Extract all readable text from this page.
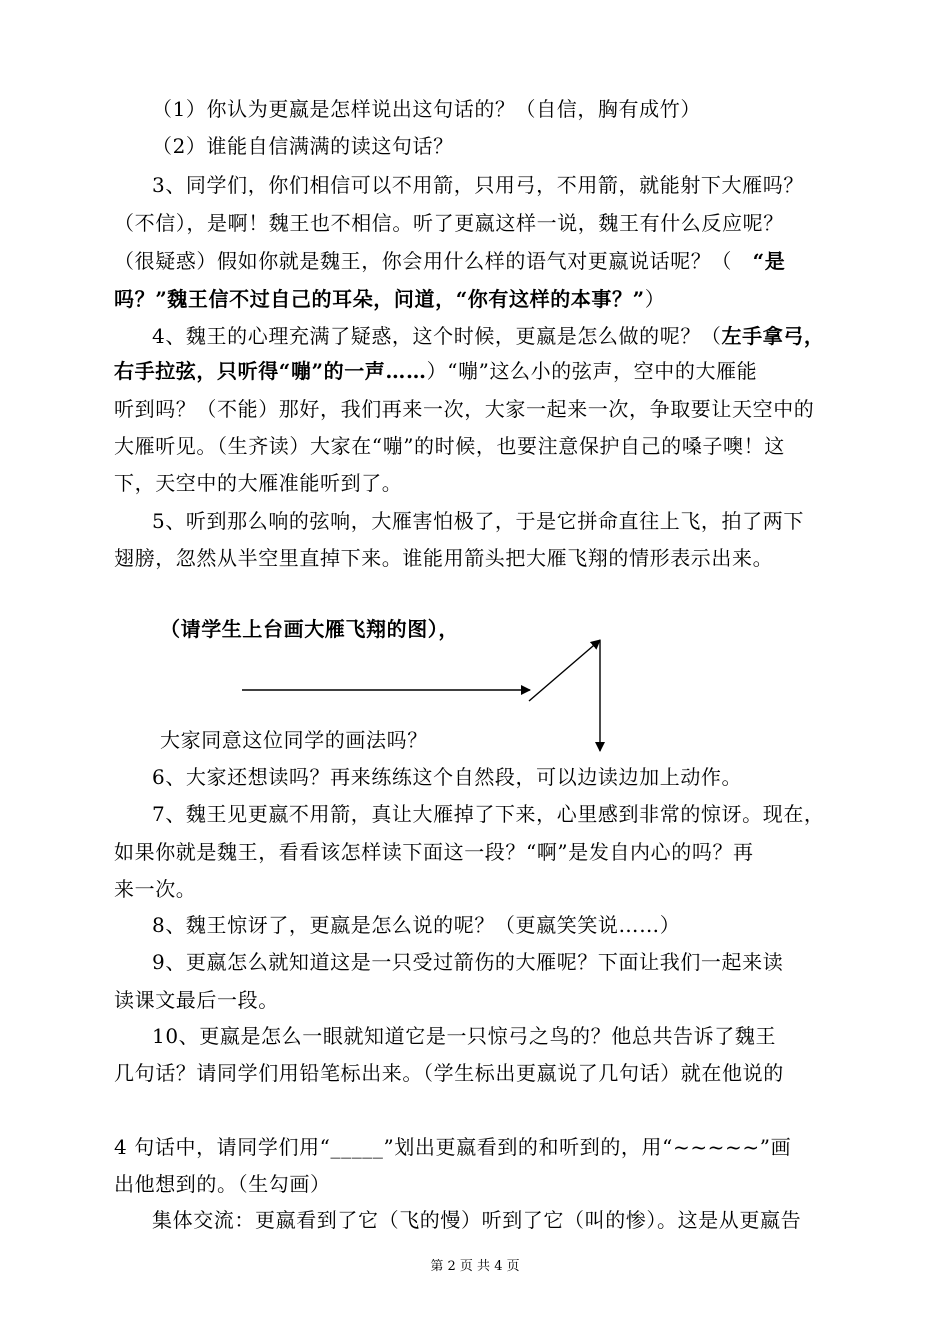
（1）你认为更嬴是怎样说出这句话的？（自信，胸有成竹）
（2）谁能自信满满的读这句话？
3、同学们，你们相信可以不用箭，只用弓，不用箭，就能射下大雁吗？
（不信），是啊！魏王也不相信。听了更嬴这样一说，魏王有什么反应呢？
（很疑惑）假如你就是魏王，你会用什么样的语气对更嬴说话呢？（　“是
吗？”魏王信不过自己的耳朵，问道，“你有这样的本事？”）
4、魏王的心理充满了疑惑，这个时候，更嬴是怎么做的呢？（左手拿弓，
右手拉弦，只听得“嘣”的一声……）“嘣”这么小的弦声，空中的大雁能
听到吗？（不能）那好，我们再来一次，大家一起来一次，争取要让天空中的
大雁听见。（生齐读）大家在“嘣”的时候，也要注意保护自己的嗓子噢！这
下，天空中的大雁准能听到了。
5、听到那么响的弦响，大雁害怕极了，于是它拼命直往上飞，拍了两下
翅膀，忽然从半空里直掉下来。谁能用箭头把大雁飞翔的情形表示出来。
（请学生上台画大雁飞翔的图），
大家同意这位同学的画法吗？
6、大家还想读吗？再来练练这个自然段，可以边读边加上动作。
7、魏王见更嬴不用箭，真让大雁掉了下来，心里感到非常的惊讶。现在，
如果你就是魏王，看看该怎样读下面这一段？“啊”是发自内心的吗？再
来一次。
8、魏王惊讶了，更嬴是怎么说的呢？（更嬴笑笑说……）
9、更嬴怎么就知道这是一只受过箭伤的大雁呢？下面让我们一起来读
读课文最后一段。
10、更嬴是怎么一眼就知道它是一只惊弓之鸟的？他总共告诉了魏王
几句话？请同学们用铅笔标出来。（学生标出更嬴说了几句话）就在他说的
4 句话中，请同学们用“_____”划出更嬴看到的和听到的，用“~~~~~”画
出他想到的。（生勾画）
集体交流：更嬴看到了它（飞的慢）听到了它（叫的惨）。这是从更嬴告
第 2 页 共 4 页
